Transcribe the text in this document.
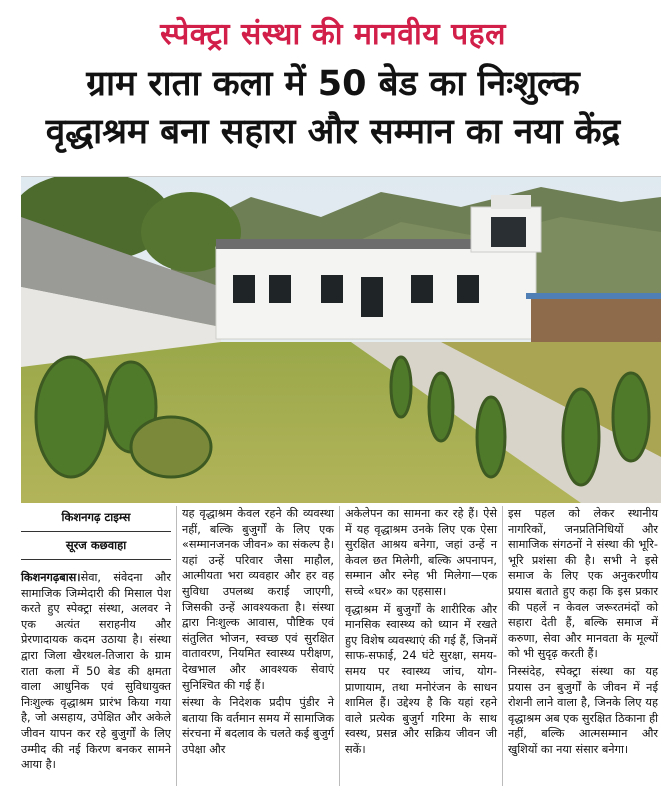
स्पेक्ट्रा संस्था की मानवीय पहल
ग्राम राता कला में 50 बेड का निःशुल्क
वृद्धाश्रम बना सहारा और सम्मान का नया केंद्र
किशनगढ़ टाइम्स
सूरज कछवाहा

किशनगढ़बास।सेवा, संवेदना और सामाजिक जिम्मेदारी की मिसाल पेश करते हुए स्पेक्ट्रा संस्था, अलवर ने एक अत्यंत सराहनीय और प्रेरणादायक कदम उठाया है। संस्था द्वारा जिला खैरथल-तिजारा के ग्राम राता कला में 50 बेड की क्षमता वाला आधुनिक एवं सुविधायुक्त निःशुल्क वृद्धाश्रम प्रारंभ किया गया है, जो असहाय, उपेक्षित और अकेले जीवन यापन कर रहे बुजुर्गों के लिए उम्मीद की नई किरण बनकर सामने आया है।

यह वृद्धाश्रम केवल रहने की व्यवस्था नहीं, बल्कि बुजुर्गों के लिए एक «सम्मानजनक जीवन» का संकल्प है। यहां उन्हें परिवार जैसा माहौल, आत्मीयता भरा व्यवहार और हर वह सुविधा उपलब्ध कराई जाएगी, जिसकी उन्हें आवश्यकता है। संस्था द्वारा निःशुल्क आवास, पौष्टिक एवं संतुलित भोजन, स्वच्छ एवं सुरक्षित वातावरण, नियमित स्वास्थ्य परीक्षण, देखभाल और आवश्यक सेवाएं सुनिश्चित की गई हैं।

संस्था के निदेशक प्रदीप पुंडीर ने बताया कि वर्तमान समय में सामाजिक संरचना में बदलाव के चलते कई बुजुर्ग उपेक्षा और

अकेलेपन का सामना कर रहे हैं। ऐसे में यह वृद्धाश्रम उनके लिए एक ऐसा सुरक्षित आश्रय बनेगा, जहां उन्हें न केवल छत मिलेगी, बल्कि अपनापन, सम्मान और स्नेह भी मिलेगा—एक सच्चे «घर» का एहसास।

वृद्धाश्रम में बुजुर्गों के शारीरिक और मानसिक स्वास्थ्य को ध्यान में रखते हुए विशेष व्यवस्थाएं की गई हैं, जिनमें साफ-सफाई, 24 घंटे सुरक्षा, समय-समय पर स्वास्थ्य जांच, योग-प्राणायाम, तथा मनोरंजन के साधन शामिल हैं। उद्देश्य है कि यहां रहने वाले प्रत्येक बुजुर्ग गरिमा के साथ स्वस्थ, प्रसन्न और सक्रिय जीवन जी सकें।

इस पहल को लेकर स्थानीय नागरिकों, जनप्रतिनिधियों और सामाजिक संगठनों ने संस्था की भूरि-भूरि प्रशंसा की है। सभी ने इसे समाज के लिए एक अनुकरणीय प्रयास बताते हुए कहा कि इस प्रकार की पहलें न केवल जरूरतमंदों को सहारा देती हैं, बल्कि समाज में करुणा, सेवा और मानवता के मूल्यों को भी सुदृढ़ करती हैं।

निस्संदेह, स्पेक्ट्रा संस्था का यह प्रयास उन बुजुर्गों के जीवन में नई रोशनी लाने वाला है, जिनके लिए यह वृद्धाश्रम अब एक सुरक्षित ठिकाना ही नहीं, बल्कि आत्मसम्मान और खुशियों का नया संसार बनेगा।
